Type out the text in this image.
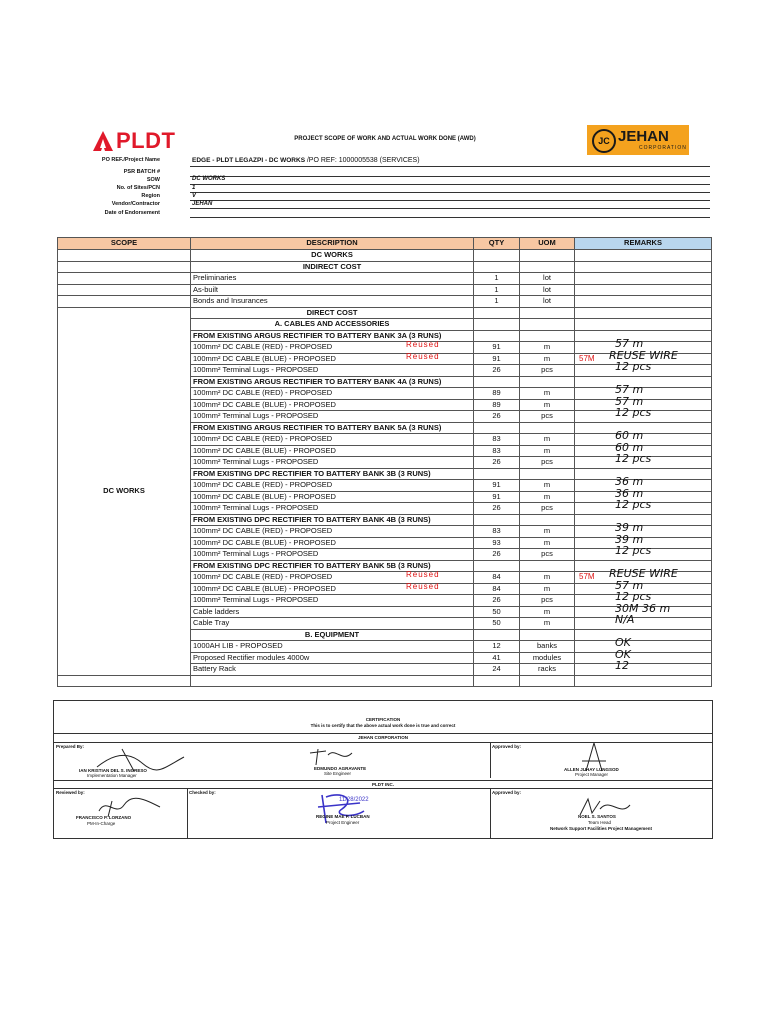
PLDT	PROJECT SCOPE OF WORK AND ACTUAL WORK DONE (AWD)	JC JEHAN
CORPORATION
PO REF./Project Name	EDGE - PLDT LEGAZPI - DC WORKS /PO REF: 1000005538 (SERVICES)
PSR BATCH #
SOW	DC WORKS
No. of Sites/PCN	1
Region	V
Vendor/Contractor	JEHAN
Date of Endorsement
SCOPE	DESCRIPTION	QTY	UOM	REMARKS
	DC WORKS			
	INDIRECT COST			
	Preliminaries	1	lot	
	As-built	1	lot	
	Bonds and Insurances	1	lot	
DC WORKS	DIRECT COST			
	A. CABLES AND ACCESSORIES			
	FROM EXISTING ARGUS RECTIFIER TO BATTERY BANK 3A (3 RUNS)			
	100mm² DC CABLE (RED) - PROPOSED Reused	91	m	57 m

	100mm² DC CABLE (BLUE) - PROPOSED Reused	91	m	REUSE WIRE
57M

	100mm² Terminal Lugs - PROPOSED	26	pcs	12 pcs

	FROM EXISTING ARGUS RECTIFIER TO BATTERY BANK 4A (3 RUNS)			
	100mm² DC CABLE (RED) - PROPOSED	89	m	57 m

	100mm² DC CABLE (BLUE) - PROPOSED	89	m	57 m

	100mm² Terminal Lugs - PROPOSED	26	pcs	12 pcs

	FROM EXISTING ARGUS RECTIFIER TO BATTERY BANK 5A (3 RUNS)			
	100mm² DC CABLE (RED) - PROPOSED	83	m	60 m

	100mm² DC CABLE (BLUE) - PROPOSED	83	m	60 m

	100mm² Terminal Lugs - PROPOSED	26	pcs	12 pcs

	FROM EXISTING DPC RECTIFIER TO BATTERY BANK 3B (3 RUNS)			
	100mm² DC CABLE (RED) - PROPOSED	91	m	36 m

	100mm² DC CABLE (BLUE) - PROPOSED	91	m	36 m

	100mm² Terminal Lugs - PROPOSED	26	pcs	12 pcs

	FROM EXISTING DPC RECTIFIER TO BATTERY BANK 4B (3 RUNS)			
	100mm² DC CABLE (RED) - PROPOSED	83	m	39 m

	100mm² DC CABLE (BLUE) - PROPOSED	93	m	39 m

	100mm² Terminal Lugs - PROPOSED	26	pcs	12 pcs

	FROM EXISTING DPC RECTIFIER TO BATTERY BANK 5B (3 RUNS)			
	100mm² DC CABLE (RED) - PROPOSED Reused	84	m	REUSE WIRE
57M

	100mm² DC CABLE (BLUE) - PROPOSED Reused	84	m	57 m

	100mm² Terminal Lugs - PROPOSED	26	pcs	12 pcs

	Cable ladders	50	m	30M 36 m

	Cable Tray	50	m	N/A

	B. EQUIPMENT			
	1000AH LIB - PROPOSED	12	banks	OK

	Proposed Rectifier modules 4000w	41	modules	OK

	Battery Rack	24	racks	12

CERTIFICATION
This is to certify that the above actual work done is true and correct
JEHAN CORPORATION
Prepared By:	Approved by:
IAN KRISTIAN DEL S. INGRESO
Implementation Manager
EDMUNDO AGRAVANTE
Site Engineer
ALLEN JUHAY LUNGSOD
Project Manager
PLDT INC.
Reviewed by:	Checked by:	Approved by:
FRANCISCO P. LORZANO
PM-In-Charge
11/28/2022
REGINE MAE P. LUCBAN
Project Engineer
NOEL S. SANTOS
Team Head
Network Support Facilities Project Management
